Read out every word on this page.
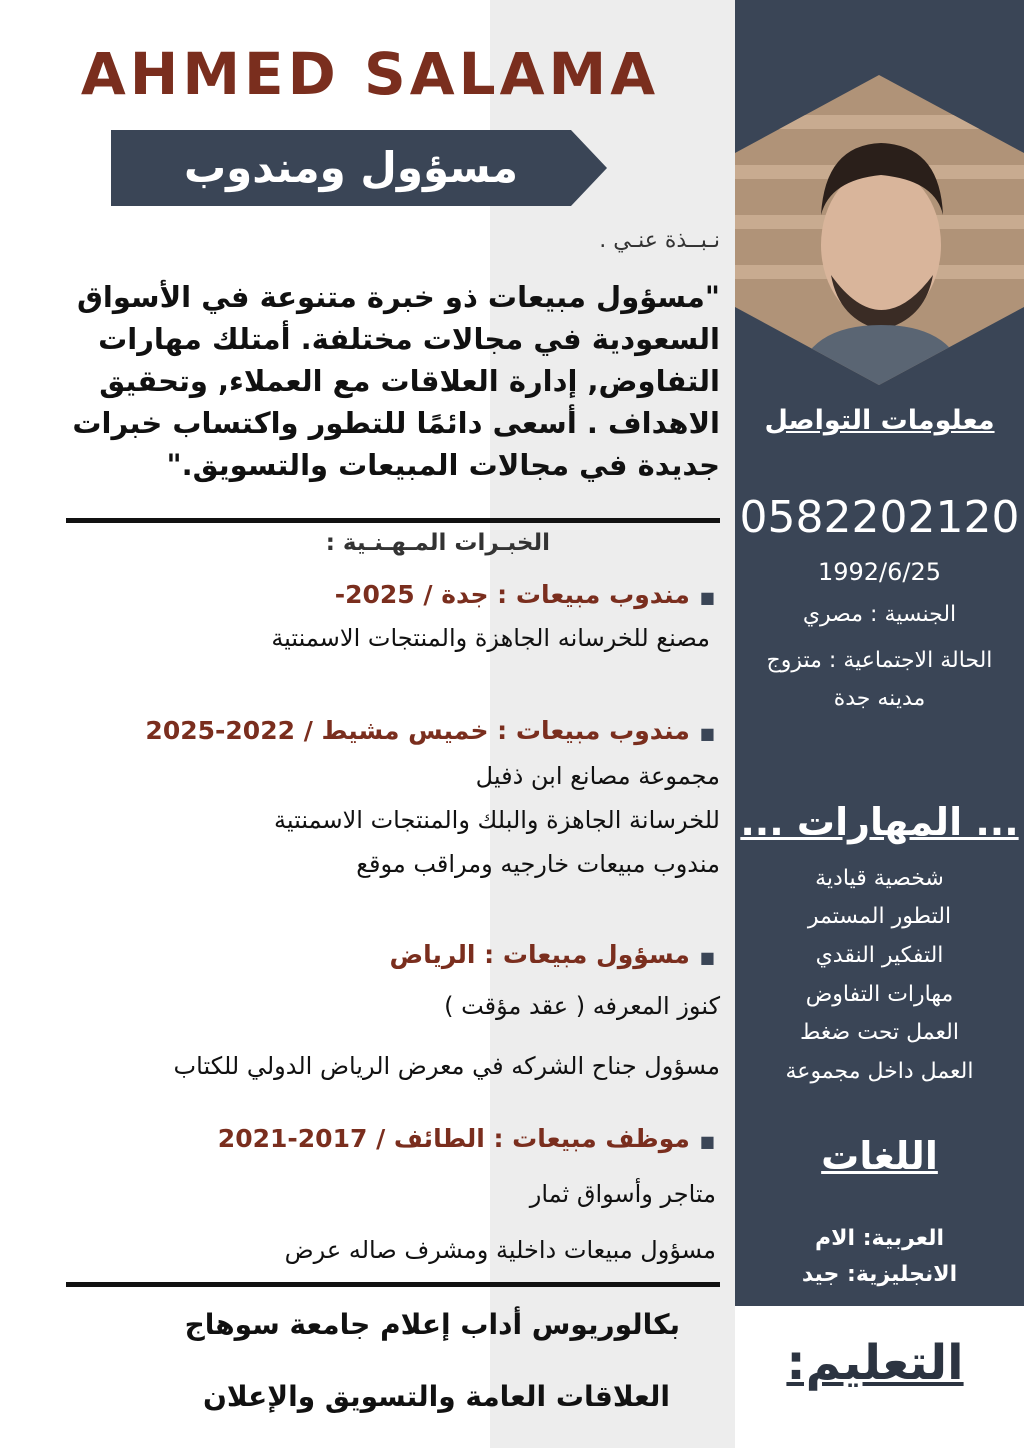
AHMED SALAMA
مسؤول ومندوب مبيعات	نـبــذة عنـي .
"مسؤول مبيعات ذو خبرة متنوعة في الأسواق السعودية في مجالات مختلفة. أمتلك مهارات التفاوض, إدارة العلاقات مع العملاء, وتحقيق الاهداف . أسعى دائمًا للتطور واكتساب خبرات جديدة في مجالات المبيعات والتسويق."
الخبـرات المـهـنـية :
■مندوب مبيعات : جدة / 2025-
مصنع للخرسانه الجاهزة والمنتجات الاسمنتية
■مندوب مبيعات : خميس مشيط / 2022-2025
مجموعة مصانع ابن ذفيل
للخرسانة الجاهزة والبلك والمنتجات الاسمنتية
مندوب مبيعات خارجيه ومراقب موقع
■مسؤول مبيعات : الرياض
كنوز المعرفه ( عقد مؤقت )
مسؤول جناح الشركه في معرض الرياض الدولي للكتاب
■موظف مبيعات : الطائف / 2017-2021
متاجر وأسواق ثمار
مسؤول مبيعات داخلية ومشرف صاله عرض
معلومات التواصل
0582202120
1992/6/25
الجنسية : مصري
الحالة الاجتماعية : متزوج
مدينه جدة
... المهارات ...
شخصية قيادية
التطور المستمر
التفكير النقدي
مهارات التفاوض
العمل تحت ضغط
العمل داخل مجموعة
اللغات
العربية: الام
الانجليزية: جيد
التعليم:
بكالوريوس أداب إعلام جامعة سوهاج
العلاقات العامة والتسويق والإعلان
